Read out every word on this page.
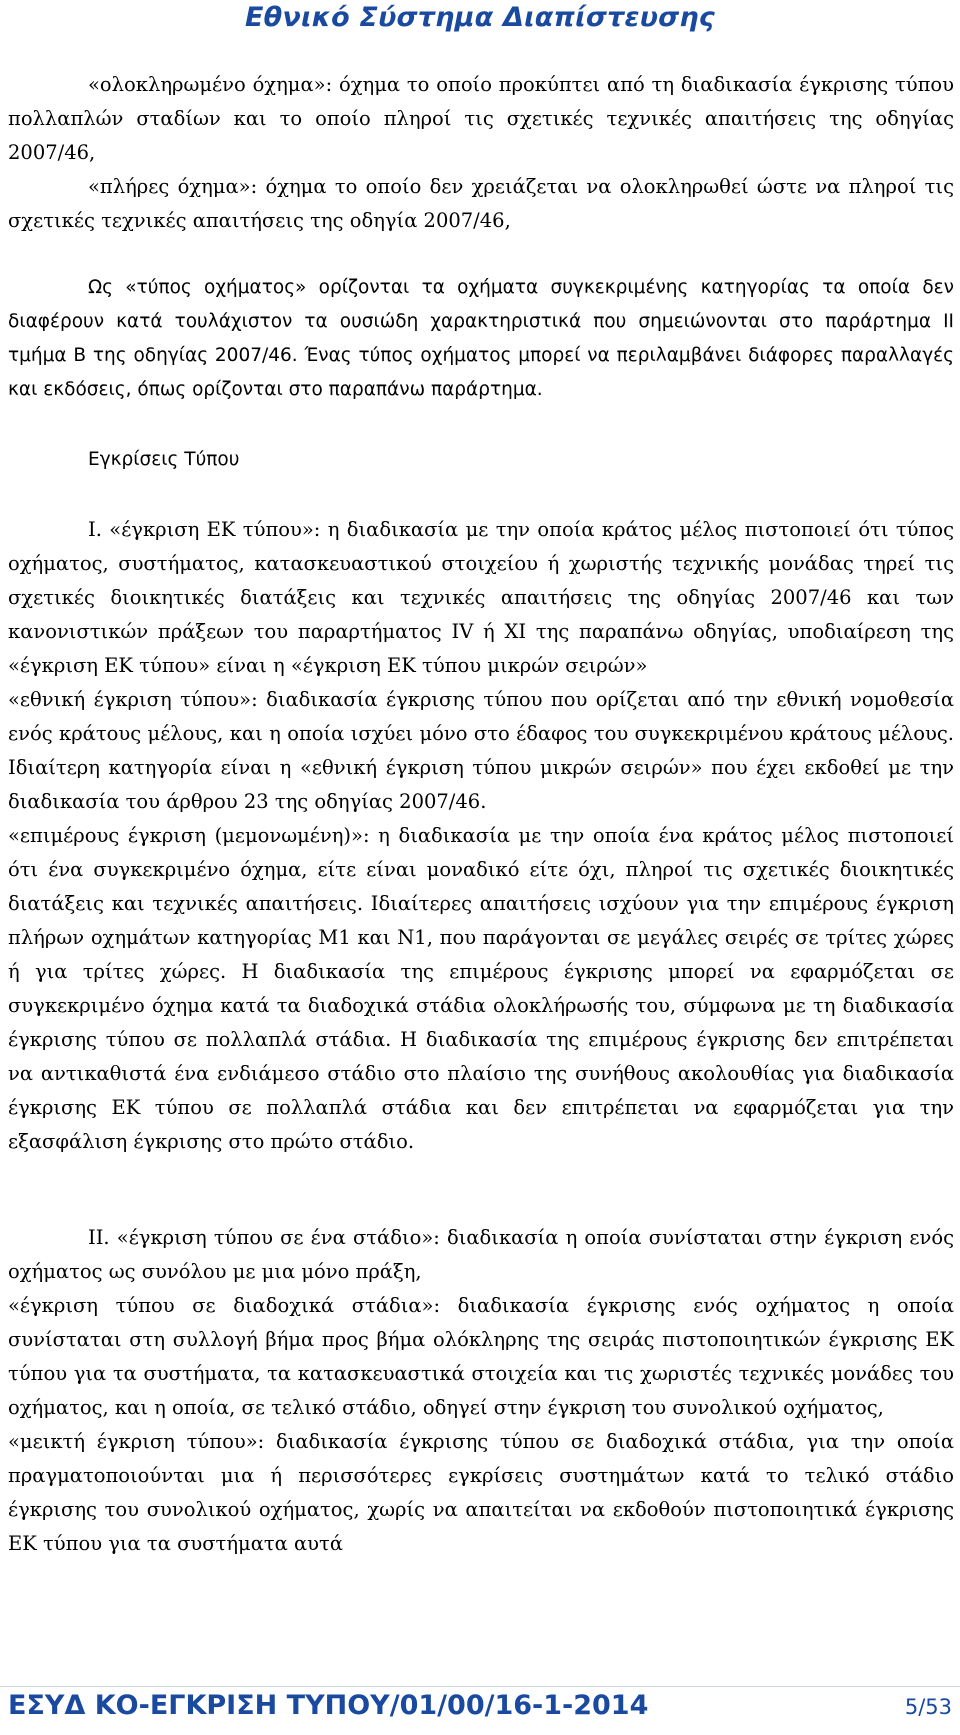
Εθνικό Σύστημα Διαπίστευσης

«ολοκληρωμένο όχημα»: όχημα το οποίο προκύπτει από τη διαδικασία έγκρισης τύπου πολλαπλών σταδίων και το οποίο πληροί τις σχετικές τεχνικές απαιτήσεις της οδηγίας 2007/46,

«πλήρες όχημα»: όχημα το οποίο δεν χρειάζεται να ολοκληρωθεί ώστε να πληροί τις σχετικές τεχνικές απαιτήσεις της οδηγία 2007/46,

Ως «τύπος οχήματος» ορίζονται τα οχήματα συγκεκριμένης κατηγορίας τα οποία δεν διαφέρουν κατά τουλάχιστον τα ουσιώδη χαρακτηριστικά που σημειώνονται στο παράρτημα ΙΙ τμήμα Β της οδηγίας 2007/46. Ένας τύπος οχήματος μπορεί να περιλαμβάνει διάφορες παραλλαγές και εκδόσεις, όπως ορίζονται στο παραπάνω παράρτημα.

Εγκρίσεις Τύπου

Ι. «έγκριση ΕΚ τύπου»: η διαδικασία με την οποία κράτος μέλος πιστοποιεί ότι τύπος οχήματος, συστήματος, κατασκευαστικού στοιχείου ή χωριστής τεχνικής μονάδας τηρεί τις σχετικές διοικητικές διατάξεις και τεχνικές απαιτήσεις της οδηγίας 2007/46 και των κανονιστικών πράξεων του παραρτήματος IV ή ΧΙ της παραπάνω οδηγίας, υποδιαίρεση της «έγκριση ΕΚ τύπου» είναι η «έγκριση ΕΚ τύπου μικρών σειρών»

«εθνική έγκριση τύπου»: διαδικασία έγκρισης τύπου που ορίζεται από την εθνική νομοθεσία ενός κράτους μέλους, και η οποία ισχύει μόνο στο έδαφος του συγκεκριμένου κράτους μέλους. Ιδιαίτερη κατηγορία είναι η «εθνική έγκριση τύπου μικρών σειρών» που έχει εκδοθεί με την διαδικασία του άρθρου 23 της οδηγίας 2007/46.

«επιμέρους έγκριση (μεμονωμένη)»: η διαδικασία με την οποία ένα κράτος μέλος πιστοποιεί ότι ένα συγκεκριμένο όχημα, είτε είναι μοναδικό είτε όχι, πληροί τις σχετικές διοικητικές διατάξεις και τεχνικές απαιτήσεις. Ιδιαίτερες απαιτήσεις ισχύουν για την επιμέρους έγκριση πλήρων οχημάτων κατηγορίας Μ1 και Ν1, που παράγονται σε μεγάλες σειρές σε τρίτες χώρες ή για τρίτες χώρες. Η διαδικασία της επιμέρους έγκρισης μπορεί να εφαρμόζεται σε συγκεκριμένο όχημα κατά τα διαδοχικά στάδια ολοκλήρωσής του, σύμφωνα με τη διαδικασία έγκρισης τύπου σε πολλαπλά στάδια. Η διαδικασία της επιμέρους έγκρισης δεν επιτρέπεται να αντικαθιστά ένα ενδιάμεσο στάδιο στο πλαίσιο της συνήθους ακολουθίας για διαδικασία έγκρισης ΕΚ τύπου σε πολλαπλά στάδια και δεν επιτρέπεται να εφαρμόζεται για την εξασφάλιση έγκρισης στο πρώτο στάδιο.

ΙΙ. «έγκριση τύπου σε ένα στάδιο»: διαδικασία η οποία συνίσταται στην έγκριση ενός οχήματος ως συνόλου με μια μόνο πράξη,

«έγκριση τύπου σε διαδοχικά στάδια»: διαδικασία έγκρισης ενός οχήματος η οποία συνίσταται στη συλλογή βήμα προς βήμα ολόκληρης της σειράς πιστοποιητικών έγκρισης ΕΚ τύπου για τα συστήματα, τα κατασκευαστικά στοιχεία και τις χωριστές τεχνικές μονάδες του οχήματος, και η οποία, σε τελικό στάδιο, οδηγεί στην έγκριση του συνολικού οχήματος,

«μεικτή έγκριση τύπου»: διαδικασία έγκρισης τύπου σε διαδοχικά στάδια, για την οποία πραγματοποιούνται μια ή περισσότερες εγκρίσεις συστημάτων κατά το τελικό στάδιο έγκρισης του συνολικού οχήματος, χωρίς να απαιτείται να εκδοθούν πιστοποιητικά έγκρισης ΕΚ τύπου για τα συστήματα αυτά

ΕΣΥΔ ΚΟ-ΕΓΚΡΙΣΗ ΤΥΠΟΥ/01/00/16-1-2014	5/53
